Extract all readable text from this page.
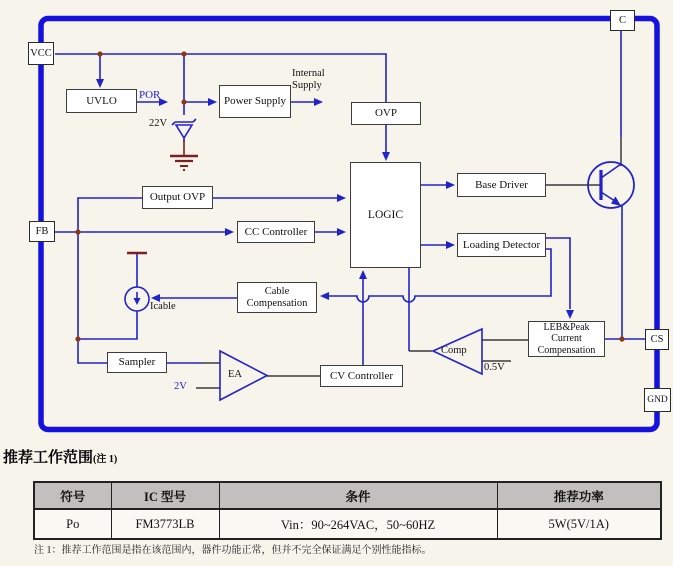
VCC
FB
C
CS
GND
UVLO	Power Supply
OVP
Output OVP
CC Controller
LOGIC
Base Driver
Loading Detector
Cable Compensation
LEB&Peak Current Compensation
Sampler
CV Controller
Comp
EA
POR
Internal Supply
22V
Icable
2V
0.5V
推荐工作范围(注 1)
符号	IC 型号	条件	推荐功率
Po	FM3773LB	Vin：90~264VAC，50~60HZ	5W(5V/1A)
注 1：推荐工作范围是指在该范围内，器件功能正常，但并不完全保证满足个别性能指标。
